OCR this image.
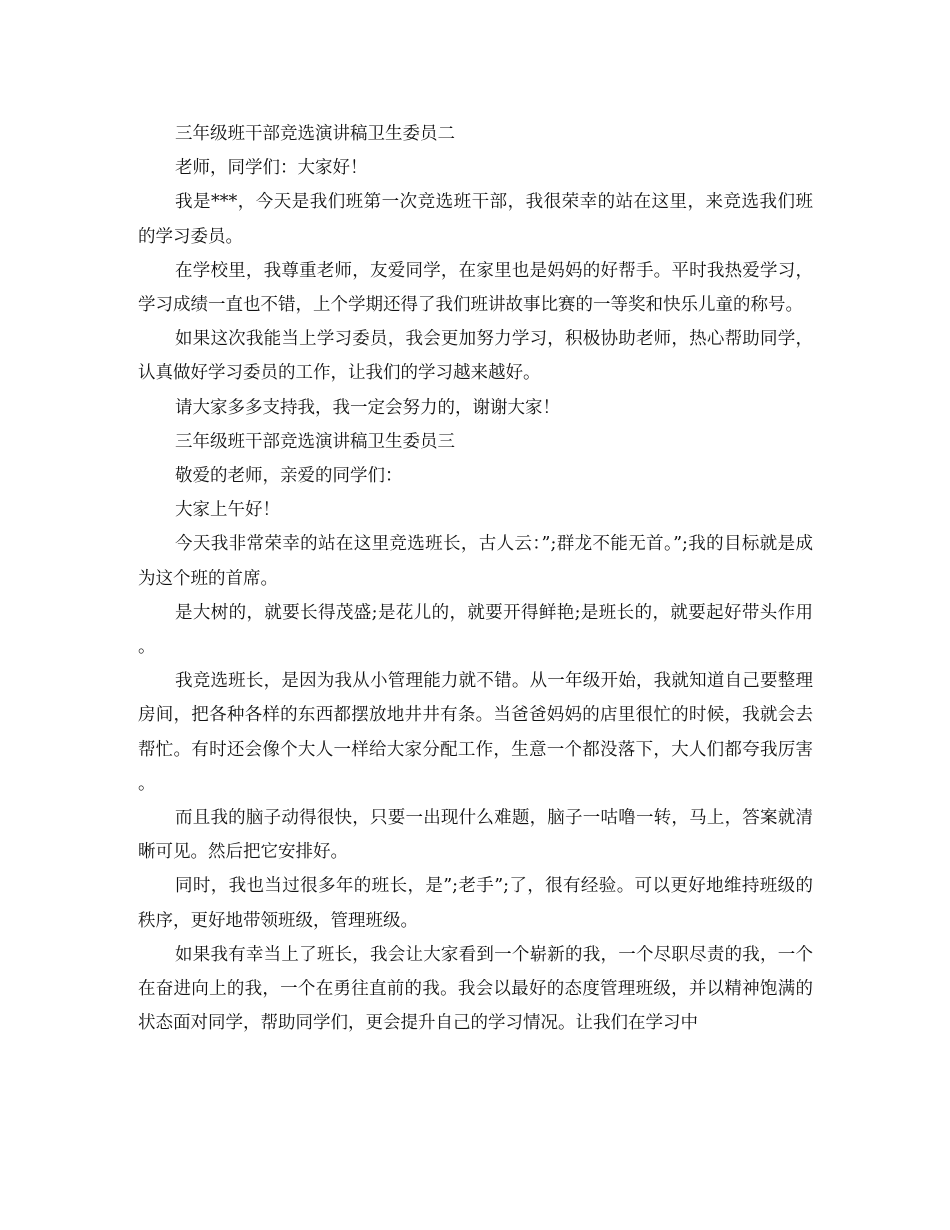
三年级班干部竞选演讲稿卫生委员二

老师，同学们：大家好！

我是***，今天是我们班第一次竞选班干部，我很荣幸的站在这里，来竞选我们班的学习委员。

在学校里，我尊重老师，友爱同学，在家里也是妈妈的好帮手。平时我热爱学习，学习成绩一直也不错，上个学期还得了我们班讲故事比赛的一等奖和快乐儿童的称号。

如果这次我能当上学习委员，我会更加努力学习，积极协助老师，热心帮助同学，认真做好学习委员的工作，让我们的学习越来越好。

请大家多多支持我，我一定会努力的，谢谢大家！

三年级班干部竞选演讲稿卫生委员三

敬爱的老师，亲爱的同学们：

大家上午好！

今天我非常荣幸的站在这里竞选班长，古人云：”;群龙不能无首。”;我的目标就是成为这个班的首席。

是大树的，就要长得茂盛;是花儿的，就要开得鲜艳;是班长的，就要起好带头作用。

我竞选班长，是因为我从小管理能力就不错。从一年级开始，我就知道自己要整理房间，把各种各样的东西都摆放地井井有条。当爸爸妈妈的店里很忙的时候，我就会去帮忙。有时还会像个大人一样给大家分配工作，生意一个都没落下，大人们都夸我厉害。

而且我的脑子动得很快，只要一出现什么难题，脑子一咕噜一转，马上，答案就清晰可见。然后把它安排好。

同时，我也当过很多年的班长，是”;老手”;了，很有经验。可以更好地维持班级的秩序，更好地带领班级，管理班级。

如果我有幸当上了班长，我会让大家看到一个崭新的我，一个尽职尽责的我，一个在奋进向上的我，一个在勇往直前的我。我会以最好的态度管理班级，并以精神饱满的状态面对同学，帮助同学们，更会提升自己的学习情况。让我们在学习中
